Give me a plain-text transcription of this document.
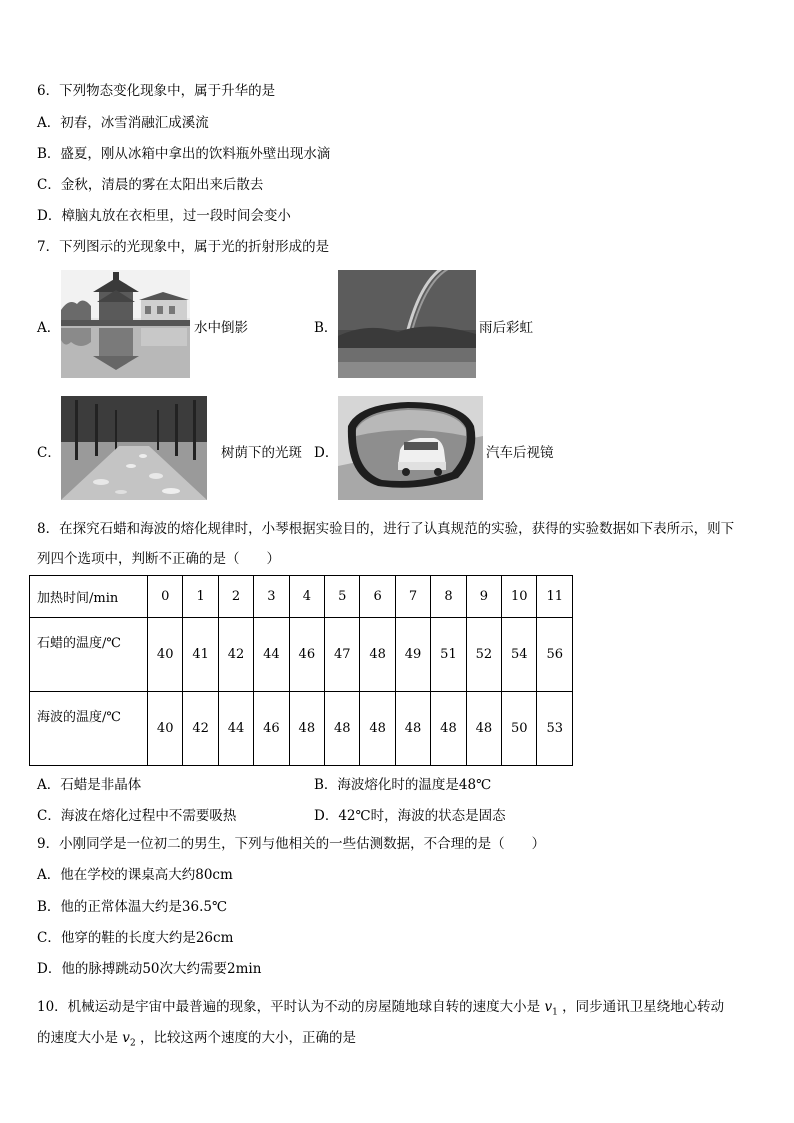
6．下列物态变化现象中，属于升华的是
A．初春，冰雪消融汇成溪流
B．盛夏，刚从冰箱中拿出的饮料瓶外壁出现水滴
C．金秋，清晨的雾在太阳出来后散去
D．樟脑丸放在衣柜里，过一段时间会变小
7．下列图示的光现象中，属于光的折射形成的是
A．	水中倒影	B．	雨后彩虹
C．	树荫下的光斑 D．	汽车后视镜
8．在探究石蜡和海波的熔化规律时，小琴根据实验目的，进行了认真规范的实验，获得的实验数据如下表所示，则下
列四个选项中，判断不正确的是（　　）
加热时间/min	0	1	2	3	4	5	6	7	8	9	10	11
石蜡的温度/℃	40	41	42	44	46	47	48	49	51	52	54	56
海波的温度/℃	40	42	44	46	48	48	48	48	48	48	50	53
A．石蜡是非晶体	B．海波熔化时的温度是48℃
C．海波在熔化过程中不需要吸热	D．42℃时，海波的状态是固态
9．小刚同学是一位初二的男生，下列与他相关的一些估测数据，不合理的是（　　）
A．他在学校的课桌高大约80cm
B．他的正常体温大约是36.5℃
C．他穿的鞋的长度大约是26cm
D．他的脉搏跳动50次大约需要2min
10．机械运动是宇宙中最普遍的现象，平时认为不动的房屋随地球自转的速度大小是 $v_1$ ，同步通讯卫星绕地心转动
的速度大小是 $v_2$ ，比较这两个速度的大小，正确的是
